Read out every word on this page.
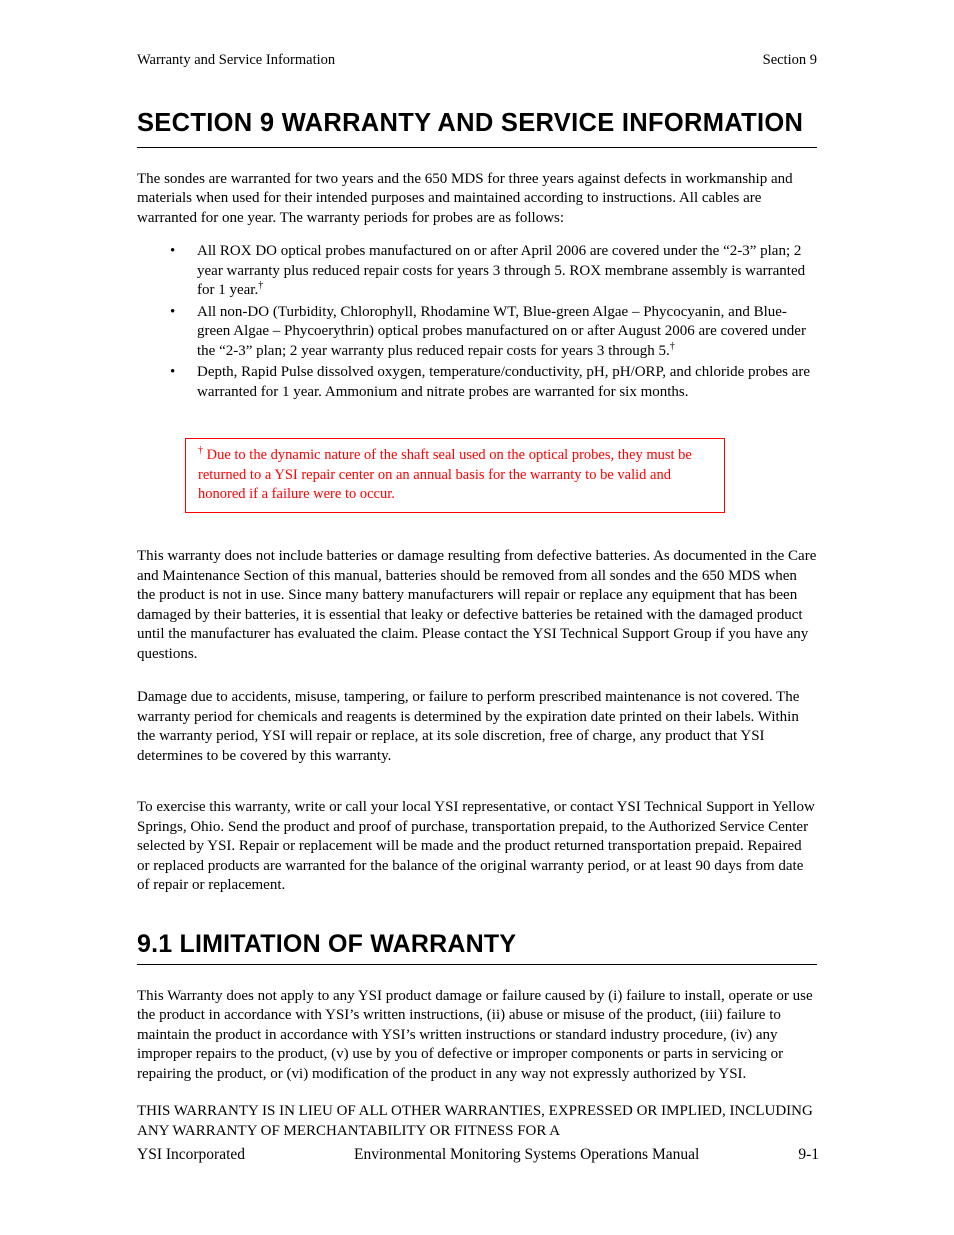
Warranty and Service Information	Section 9
SECTION 9 WARRANTY AND SERVICE INFORMATION

The sondes are warranted for two years and the 650 MDS for three years against defects in workmanship and materials when used for their intended purposes and maintained according to instructions. All cables are warranted for one year. The warranty periods for probes are as follows:

• All ROX DO optical probes manufactured on or after April 2006 are covered under the “2-3” plan; 2 year warranty plus reduced repair costs for years 3 through 5. ROX membrane assembly is warranted for 1 year.†
• All non-DO (Turbidity, Chlorophyll, Rhodamine WT, Blue-green Algae – Phycocyanin, and Blue-green Algae – Phycoerythrin) optical probes manufactured on or after August 2006 are covered under the “2-3” plan; 2 year warranty plus reduced repair costs for years 3 through 5.†
• Depth, Rapid Pulse dissolved oxygen, temperature/conductivity, pH, pH/ORP, and chloride probes are warranted for 1 year. Ammonium and nitrate probes are warranted for six months.

† Due to the dynamic nature of the shaft seal used on the optical probes, they must be returned to a YSI repair center on an annual basis for the warranty to be valid and honored if a failure were to occur.

This warranty does not include batteries or damage resulting from defective batteries. As documented in the Care and Maintenance Section of this manual, batteries should be removed from all sondes and the 650 MDS when the product is not in use. Since many battery manufacturers will repair or replace any equipment that has been damaged by their batteries, it is essential that leaky or defective batteries be retained with the damaged product until the manufacturer has evaluated the claim. Please contact the YSI Technical Support Group if you have any questions.

Damage due to accidents, misuse, tampering, or failure to perform prescribed maintenance is not covered. The warranty period for chemicals and reagents is determined by the expiration date printed on their labels. Within the warranty period, YSI will repair or replace, at its sole discretion, free of charge, any product that YSI determines to be covered by this warranty.

To exercise this warranty, write or call your local YSI representative, or contact YSI Technical Support in Yellow Springs, Ohio. Send the product and proof of purchase, transportation prepaid, to the Authorized Service Center selected by YSI. Repair or replacement will be made and the product returned transportation prepaid. Repaired or replaced products are warranted for the balance of the original warranty period, or at least 90 days from date of repair or replacement.

9.1 LIMITATION OF WARRANTY

This Warranty does not apply to any YSI product damage or failure caused by (i) failure to install, operate or use the product in accordance with YSI’s written instructions, (ii) abuse or misuse of the product, (iii) failure to maintain the product in accordance with YSI’s written instructions or standard industry procedure, (iv) any improper repairs to the product, (v) use by you of defective or improper components or parts in servicing or repairing the product, or (vi) modification of the product in any way not expressly authorized by YSI.

THIS WARRANTY IS IN LIEU OF ALL OTHER WARRANTIES, EXPRESSED OR IMPLIED, INCLUDING ANY WARRANTY OF MERCHANTABILITY OR FITNESS FOR A

YSI Incorporated	Environmental Monitoring Systems Operations Manual	9-1
